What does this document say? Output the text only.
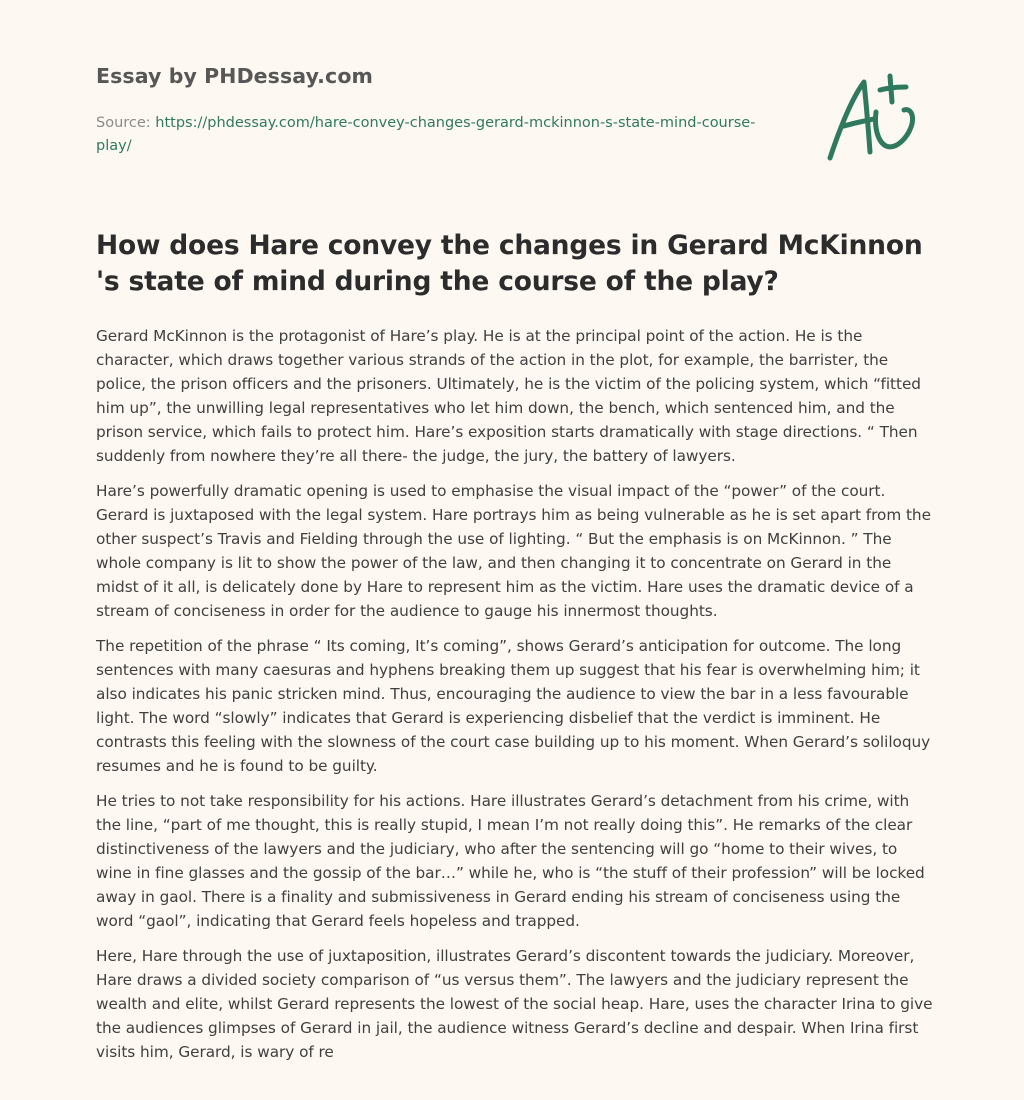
Essay by PHDessay.com
Source: https://phdessay.com/hare-convey-changes-gerard-mckinnon-s-state-mind-course-play/
How does Hare convey the changes in Gerard McKinnon 's state of mind during the course of the play?

Gerard McKinnon is the protagonist of Hare’s play. He is at the principal point of the action. He is the character, which draws together various strands of the action in the plot, for example, the barrister, the police, the prison officers and the prisoners. Ultimately, he is the victim of the policing system, which “fitted him up”, the unwilling legal representatives who let him down, the bench, which sentenced him, and the prison service, which fails to protect him. Hare’s exposition starts dramatically with stage directions. “ Then suddenly from nowhere they’re all there- the judge, the jury, the battery of lawyers.

Hare’s powerfully dramatic opening is used to emphasise the visual impact of the “power” of the court. Gerard is juxtaposed with the legal system. Hare portrays him as being vulnerable as he is set apart from the other suspect’s Travis and Fielding through the use of lighting. “ But the emphasis is on McKinnon. ” The whole company is lit to show the power of the law, and then changing it to concentrate on Gerard in the midst of it all, is delicately done by Hare to represent him as the victim. Hare uses the dramatic device of a stream of conciseness in order for the audience to gauge his innermost thoughts.

The repetition of the phrase “ Its coming, It’s coming”, shows Gerard’s anticipation for outcome. The long sentences with many caesuras and hyphens breaking them up suggest that his fear is overwhelming him; it also indicates his panic stricken mind. Thus, encouraging the audience to view the bar in a less favourable light. The word “slowly” indicates that Gerard is experiencing disbelief that the verdict is imminent. He contrasts this feeling with the slowness of the court case building up to his moment. When Gerard’s soliloquy resumes and he is found to be guilty.

He tries to not take responsibility for his actions. Hare illustrates Gerard’s detachment from his crime, with the line, “part of me thought, this is really stupid, I mean I’m not really doing this”. He remarks of the clear distinctiveness of the lawyers and the judiciary, who after the sentencing will go “home to their wives, to wine in fine glasses and the gossip of the bar…” while he, who is “the stuff of their profession” will be locked away in gaol. There is a finality and submissiveness in Gerard ending his stream of conciseness using the word “gaol”, indicating that Gerard feels hopeless and trapped.

Here, Hare through the use of juxtaposition, illustrates Gerard’s discontent towards the judiciary. Moreover, Hare draws a divided society comparison of “us versus them”. The lawyers and the judiciary represent the wealth and elite, whilst Gerard represents the lowest of the social heap. Hare, uses the character Irina to give the audiences glimpses of Gerard in jail, the audience witness Gerard’s decline and despair. When Irina first visits him, Gerard, is wary of re
